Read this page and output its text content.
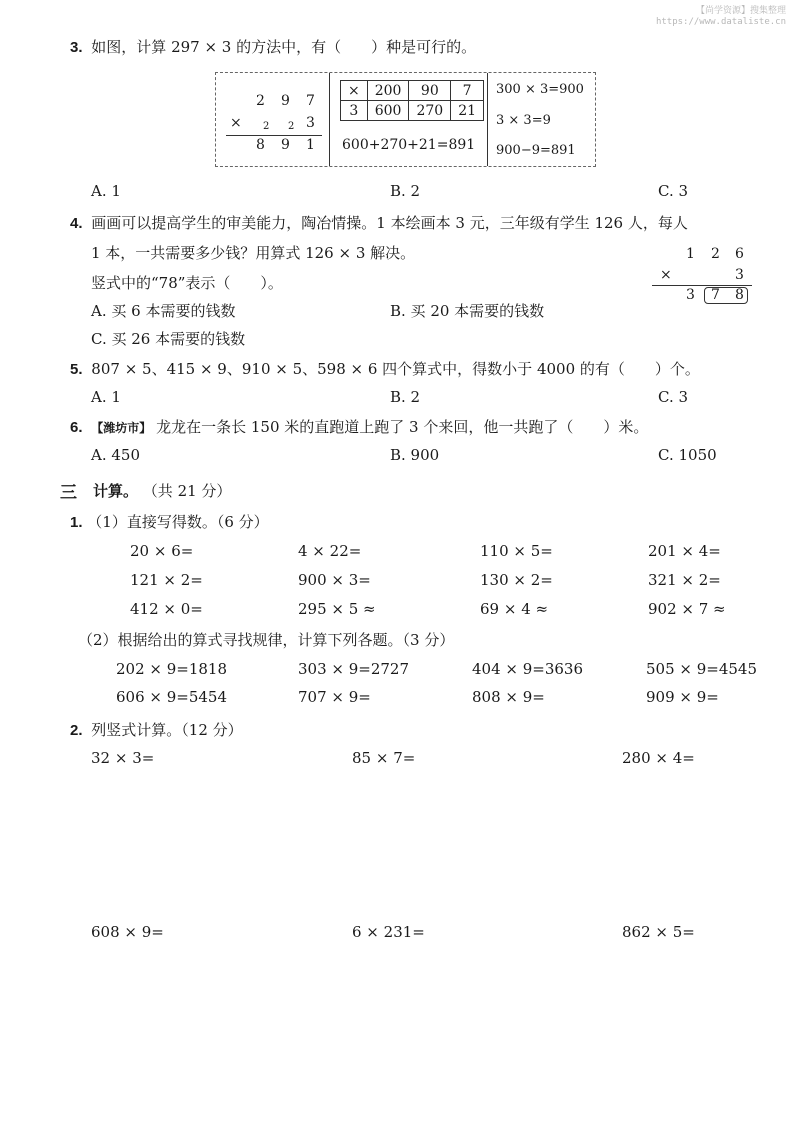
【尚学资源】搜集整理
https://www.dataliste.cn
3. 如图，计算 297 × 3 的方法中，有（　　）种是可行的。
2 9 7
× 2 2 3
8 9 1
×	200	90	7
3	600	270	21
600+270+21=891
300 × 3=900
3 × 3=9
900−9=891
A. 1	B. 2	C. 3
4. 画画可以提高学生的审美能力，陶冶情操。1 本绘画本 3 元，三年级有学生 126 人，每人
1 本，一共需要多少钱？用算式 126 × 3 解决。
竖式中的“78”表示（　　）。
1 2 6
×	3
3 7 8
A. 买 6 本需要的钱数	B. 买 20 本需要的钱数
C. 买 26 本需要的钱数
5. 807 × 5、415 × 9、910 × 5、598 × 6 四个算式中，得数小于 4000 的有（　　）个。
A. 1	B. 2	C. 3
6. 【潍坊市】 龙龙在一条长 150 米的直跑道上跑了 3 个来回，他一共跑了（　　）米。
A. 450	B. 900	C. 1050
三 计算。 （共 21 分）
1. （1）直接写得数。（6 分）
20 × 6=	4 × 22=	110 × 5=	201 × 4=
121 × 2=	900 × 3=	130 × 2=	321 × 2=
412 × 0=	295 × 5 ≈	69 × 4 ≈	902 × 7 ≈
（2）根据给出的算式寻找规律，计算下列各题。（3 分）
202 × 9=1818	303 × 9=2727	404 × 9=3636	505 × 9=4545
606 × 9=5454	707 × 9=	808 × 9=	909 × 9=
2. 列竖式计算。（12 分）
32 × 3=	85 × 7=	280 × 4=
608 × 9=	6 × 231=	862 × 5=
